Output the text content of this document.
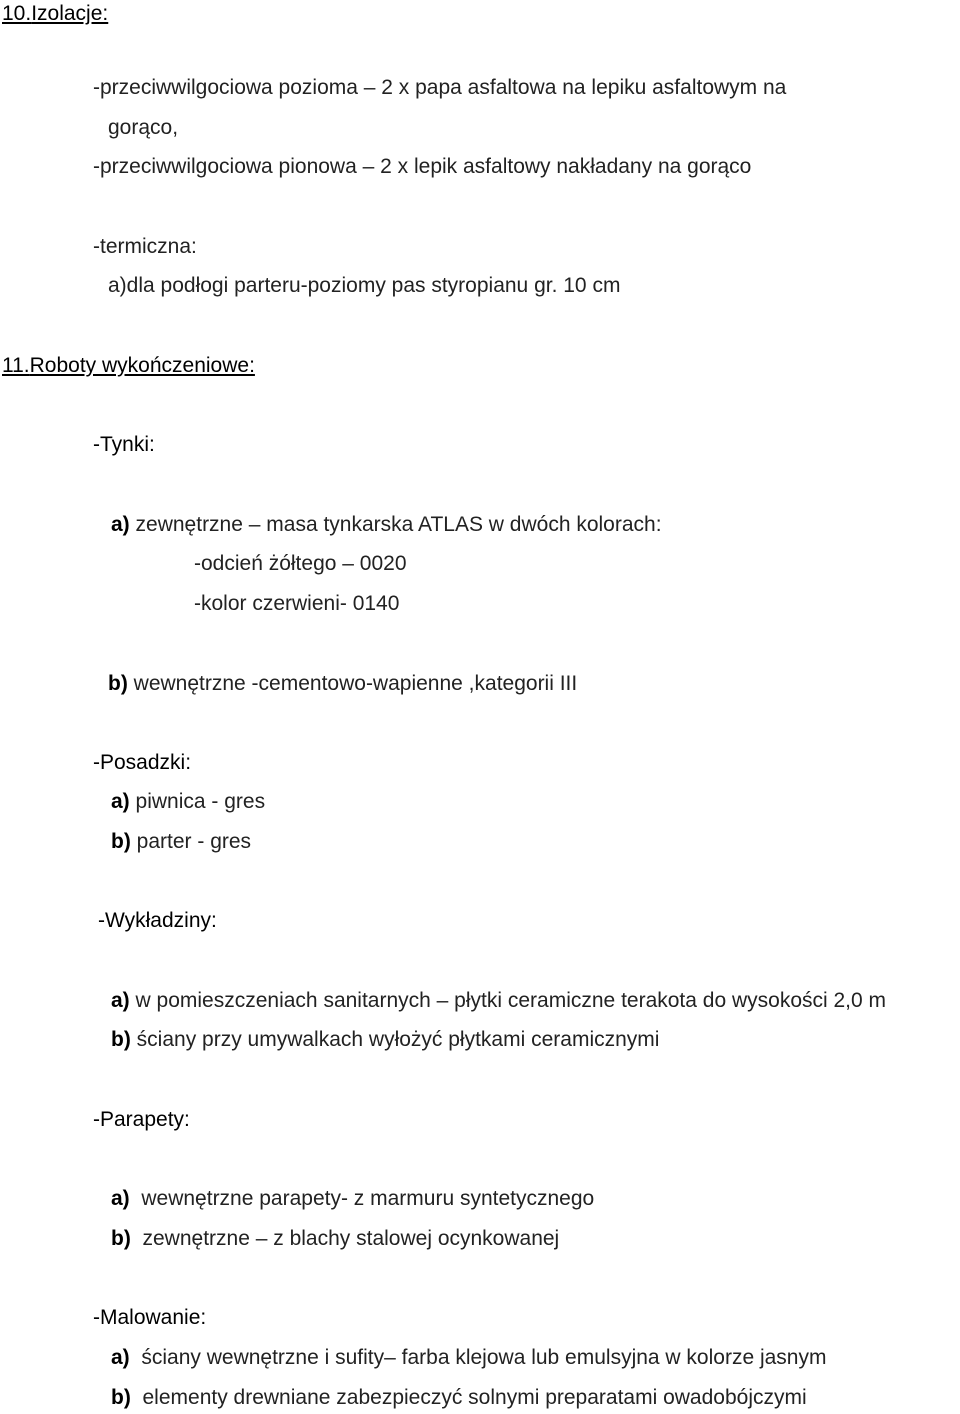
10.Izolacje:
-przeciwwilgociowa pozioma – 2 x papa asfaltowa na lepiku asfaltowym na
gorąco,
-przeciwwilgociowa pionowa – 2 x lepik asfaltowy nakładany na gorąco
-termiczna:
a)dla podłogi parteru-poziomy pas styropianu gr. 10 cm
11.Roboty wykończeniowe:
-Tynki:
a) zewnętrzne – masa tynkarska ATLAS w dwóch kolorach:
-odcień żółtego – 0020
-kolor czerwieni- 0140
b) wewnętrzne -cementowo-wapienne ,kategorii III
-Posadzki:
a) piwnica - gres
b) parter - gres
-Wykładziny:
a) w pomieszczeniach sanitarnych – płytki ceramiczne terakota do wysokości 2,0 m
b) ściany przy umywalkach wyłożyć płytkami ceramicznymi
-Parapety:
a) wewnętrzne parapety- z marmuru syntetycznego
b) zewnętrzne – z blachy stalowej ocynkowanej
-Malowanie:
a) ściany wewnętrzne i sufity– farba klejowa lub emulsyjna w kolorze jasnym
b) elementy drewniane zabezpieczyć solnymi preparatami owadobójczymi
